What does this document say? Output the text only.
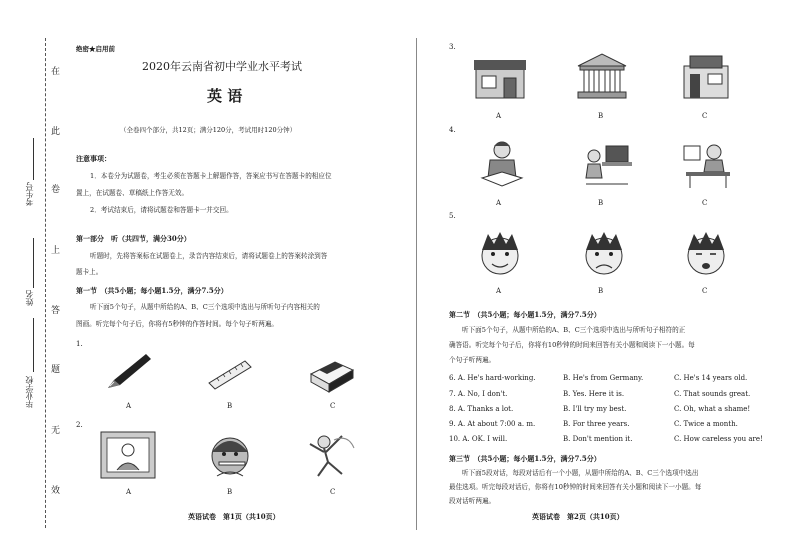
在
此
卷
上
答
题
无
效
考生号
姓名
毕业学校
绝密★启用前
2020年云南省初中学业水平考试
英 语
（全卷四个部分，共12页；满分120分，考试用时120分钟）
注意事项：
1．本卷分为试题卷，考生必须在答题卡上解题作答，答案应书写在答题卡的相应位
置上，在试题卷、草稿纸上作答无效。
2．考试结束后，请将试题卷和答题卡一并交回。
第一部分　听（共四节，满分30分）
听题时，先将答案标在试题卷上，录音内容结束后，请将试题卷上的答案转涂到答
题卡上。
第一节　（共5小题；每小题1.5分，满分7.5分）
听下面5个句子，从题中所给的A、B、C三个选项中选出与所听句子内容相关的
图画。听完每个句子后，你将有5秒钟的作答时间。每个句子听两遍。
1.
A	B	C
2.
A	B	C
英语试卷　第1页（共10页）
3.
A	B	C
4.
A	B	C
5.
A	B	C
第二节　（共5小题；每小题1.5分，满分7.5分）
听下面5个句子，从题中所给的A、B、C三个选项中选出与所听句子相符的正
确答语。听完每个句子后，你将有10秒钟的时间来回答有关小题和阅读下一小题。每
个句子听两遍。
6. A. He's hard-working.	B. He's from Germany.	C. He's 14 years old.
7. A. No, I don't.	B. Yes. Here it is.	C. That sounds great.
8. A. Thanks a lot.	B. I'll try my best.	C. Oh, what a shame!
9. A. At about 7:00 a. m.	B. For three years.	C. Twice a month.
10. A. OK. I will.	B. Don't mention it.	C. How careless you are!
第三节　（共5小题；每小题1.5分，满分7.5分）
听下面5段对话，每段对话后有一个小题，从题中所给的A、B、C三个选项中选出
最佳选项。听完每段对话后，你将有10秒钟的时间来回答有关小题和阅读下一小题。每
段对话听两遍。
英语试卷　第2页（共10页）
